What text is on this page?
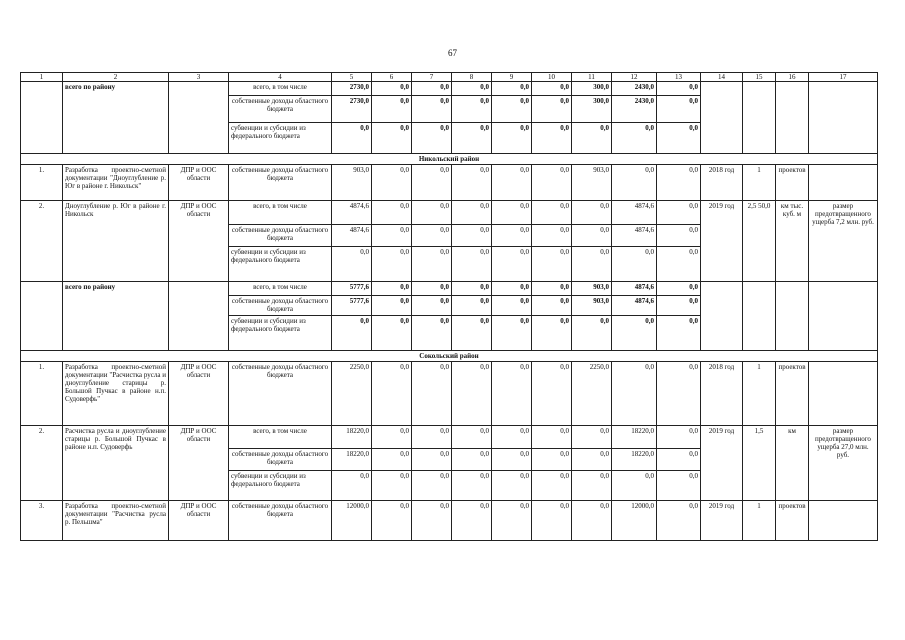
67
1	2	3	4	5	6	7	8	9	10	11	12	13	14	15	16	17
	всего по району		всего, в том числе	2730,0	0,0	0,0	0,0	0,0	0,0	300,0	2430,0	0,0				
			собственные доходы областного бюджета	2730,0	0,0	0,0	0,0	0,0	0,0	300,0	2430,0	0,0				
			субвенции и субсидии из федерального бюджета	0,0	0,0	0,0	0,0	0,0	0,0	0,0	0,0	0,0				
Никольский район																
1.	Разработка проектно-сметной документации "Дноуглубление р. Юг в районе г. Никольск"	ДПР и ООС области	собственные доходы областного бюджета	903,0	0,0	0,0	0,0	0,0	0,0	903,0	0,0	0,0	2018 год	1	проектов	
2.	Дноуглубление р. Юг в районе г. Никольск	ДПР и ООС области	всего, в том числе	4874,6	0,0	0,0	0,0	0,0	0,0	0,0	4874,6	0,0	2019 год	2,5 50,0	км тыс. куб. м	размер предотвращенного ущерба 7,2 млн. руб.
			собственные доходы областного бюджета	4874,6	0,0	0,0	0,0	0,0	0,0	0,0	4874,6	0,0				
			субвенции и субсидии из федерального бюджета	0,0	0,0	0,0	0,0	0,0	0,0	0,0	0,0	0,0				
	всего по району		всего, в том числе	5777,6	0,0	0,0	0,0	0,0	0,0	903,0	4874,6	0,0				
			собственные доходы областного бюджета	5777,6	0,0	0,0	0,0	0,0	0,0	903,0	4874,6	0,0				
			субвенции и субсидии из федерального бюджета	0,0	0,0	0,0	0,0	0,0	0,0	0,0	0,0	0,0				
Сокольский район																
1.	Разработка проектно-сметной документации "Расчистка русла и дноуглубление старицы р. Большой Пучкас в районе н.п. Судоверфь"	ДПР и ООС области	собственные доходы областного бюджета	2250,0	0,0	0,0	0,0	0,0	0,0	2250,0	0,0	0,0	2018 год	1	проектов	
2.	Расчистка русла и дноуглубление старицы р. Большой Пучкас в районе н.п. Судоверфь	ДПР и ООС области	всего, в том числе	18220,0	0,0	0,0	0,0	0,0	0,0	0,0	18220,0	0,0	2019 год	1,5	км	размер предотвращенного ущерба 27,0 млн. руб.
			собственные доходы областного бюджета	18220,0	0,0	0,0	0,0	0,0	0,0	0,0	18220,0	0,0				
			субвенции и субсидии из федерального бюджета	0,0	0,0	0,0	0,0	0,0	0,0	0,0	0,0	0,0				
3.	Разработка проектно-сметной документации "Расчистка русла р. Пельшма"	ДПР и ООС области	собственные доходы областного бюджета	12000,0	0,0	0,0	0,0	0,0	0,0	0,0	12000,0	0,0	2019 год	1	проектов	
